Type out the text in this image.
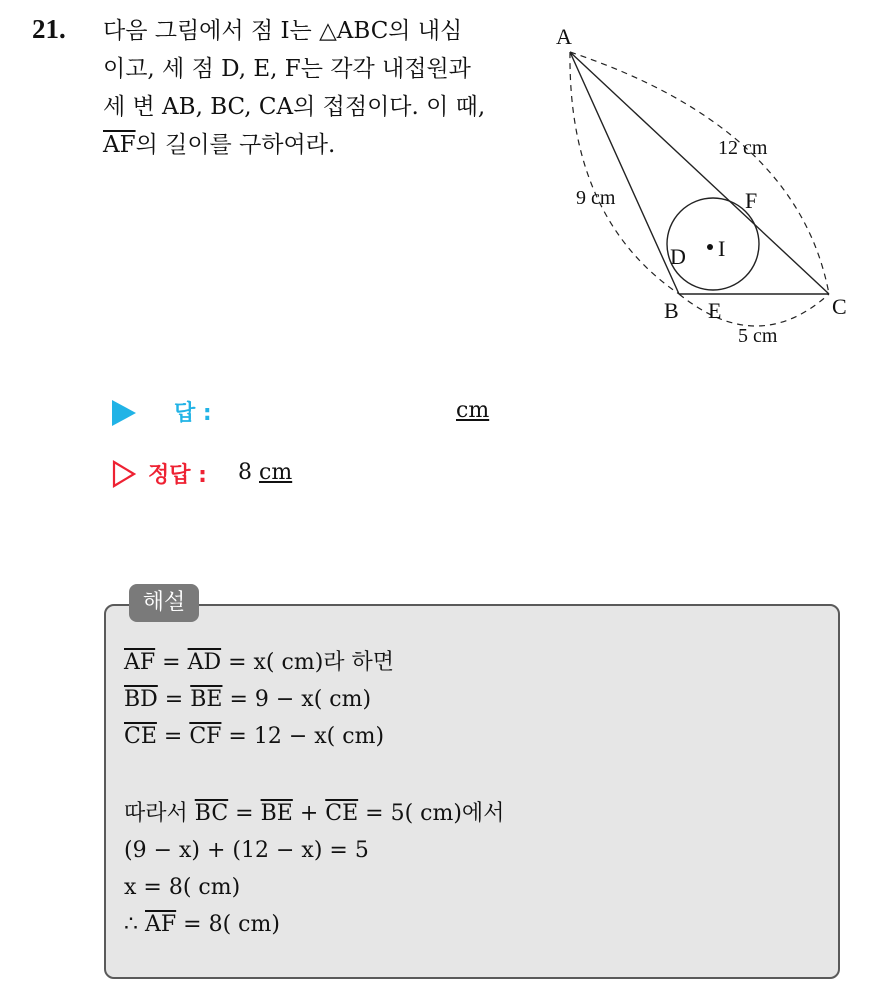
21. 다음 그림에서 점 I는 △ABC의 내심

이고, 세 점 D, E, F는 각각 내접원과

세 변 AB, BC, CA의 접점이다. 이 때,

$\overline{AF}$의 길이를 구하여라.

A
B	C
D
E
F
I
9 cm
12 cm
5 cm
답 :	cm
정답 : 8 cm
해설

$\overline{AF} = \overline{AD} = x$( cm)라 하면

$\overline{BD} = \overline{BE} = 9 - x$( cm)

$\overline{CE} = \overline{CF} = 12 - x$( cm)

따라서 $\overline{BC} = \overline{BE} + \overline{CE} = 5$( cm)에서

(9 − x) + (12 − x) = 5

x = 8( cm)

∴ $\overline{AF} = 8$( cm)
